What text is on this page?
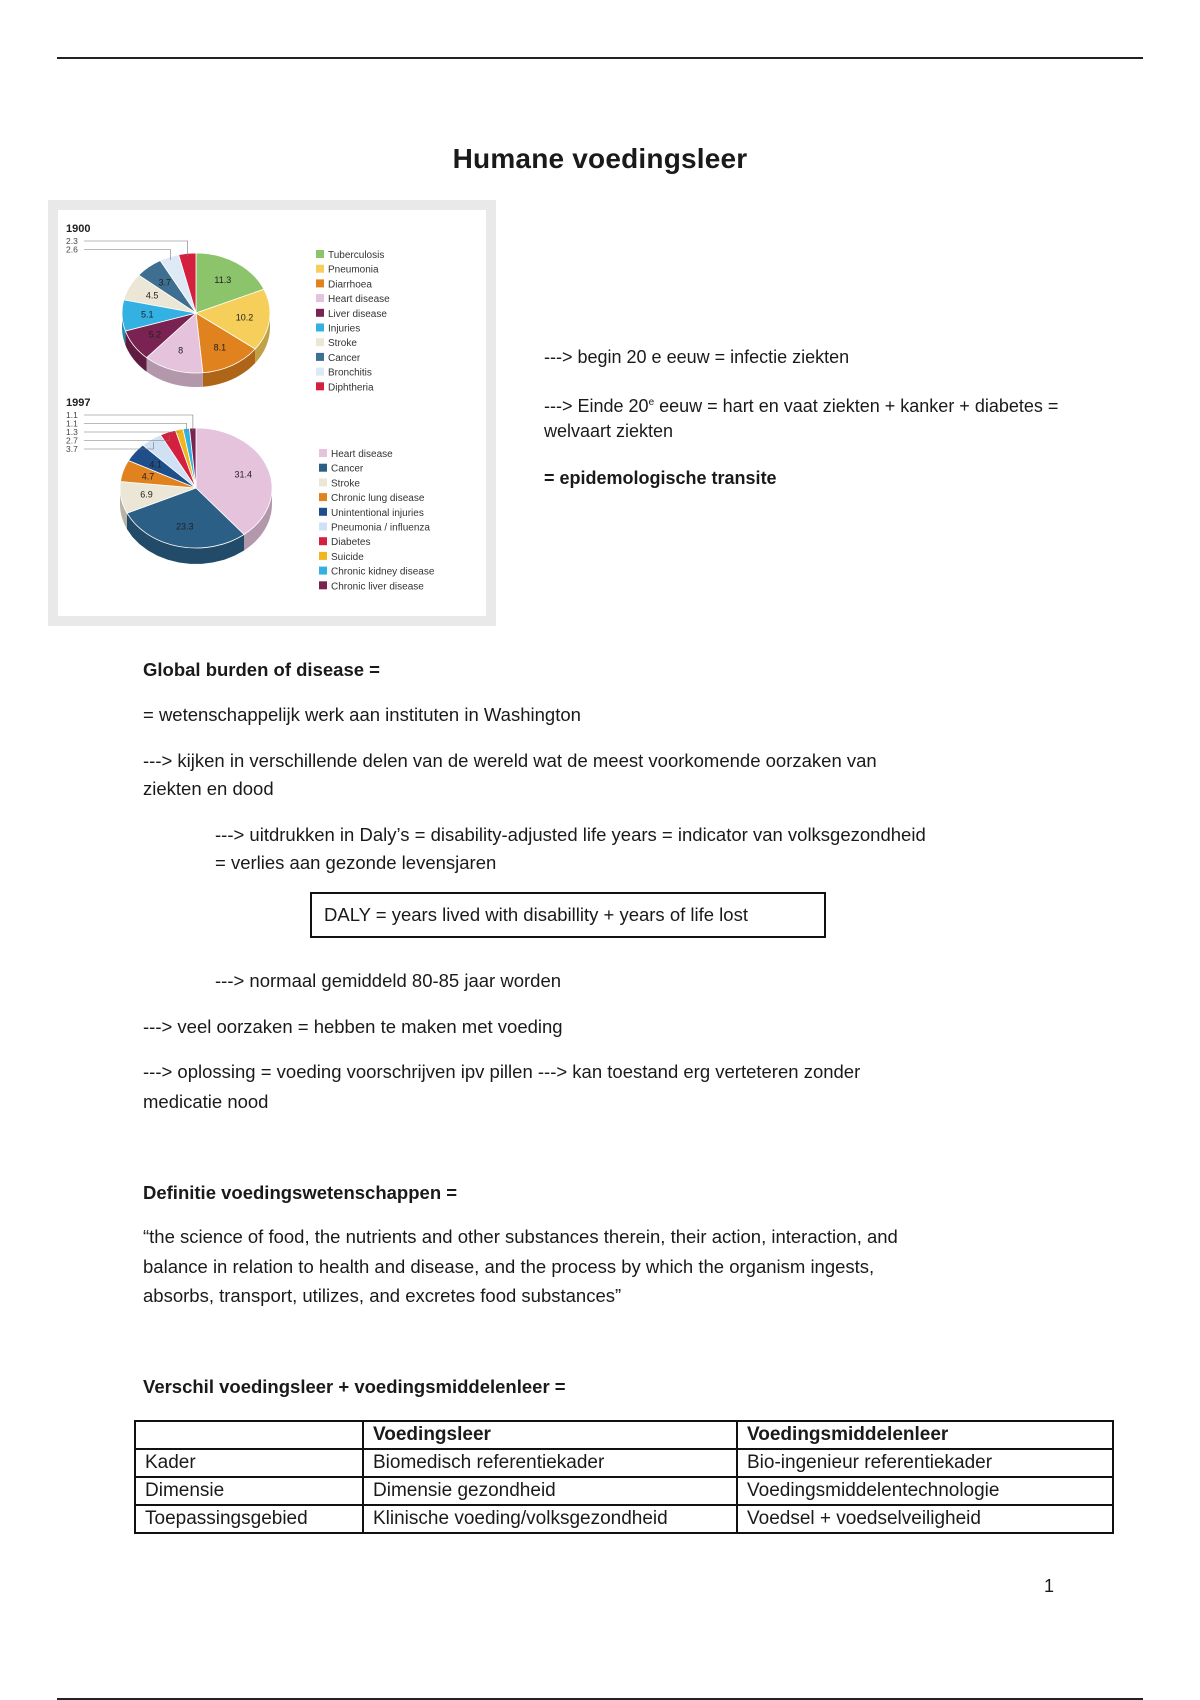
Humane voedingsleer
1900
11.3
10.2
8.1
8
5.2
5.1
4.5
3.7
2.3
2.6
Tuberculosis
Pneumonia
Diarrhoea
Heart disease
Liver disease
Injuries
Stroke
Cancer
Bronchitis
Diphtheria
1997
31.4
23.3
6.9
4.7
4.1
1.1
1.1
1.3
2.7
3.7	Heart disease
Cancer
Stroke
Chronic lung disease
Unintentional injuries
Pneumonia / influenza
Diabetes
Suicide
Chronic kidney disease
Chronic liver disease
---> begin 20 e eeuw = infectie ziekten
---> Einde 20e eeuw = hart en vaat ziekten + kanker + diabetes =
welvaart ziekten
= epidemologische transite
Global burden of disease =
= wetenschappelijk werk aan instituten in Washington
---> kijken in verschillende delen van de wereld wat de meest voorkomende oorzaken van
ziekten en dood
---> uitdrukken in Daly’s = disability-adjusted life years = indicator van volksgezondheid
= verlies aan gezonde levensjaren
DALY = years lived with disabillity + years of life lost
---> normaal gemiddeld 80-85 jaar worden
---> veel oorzaken = hebben te maken met voeding
---> oplossing = voeding voorschrijven ipv pillen ---> kan toestand erg verteteren zonder
medicatie nood
Definitie voedingswetenschappen =
“the science of food, the nutrients and other substances therein, their action, interaction, and
balance in relation to health and disease, and the process by which the organism ingests,
absorbs, transport, utilizes, and excretes food substances”
Verschil voedingsleer + voedingsmiddelenleer =
	Voedingsleer	Voedingsmiddelenleer
Kader	Biomedisch referentiekader	Bio-ingenieur referentiekader
Dimensie	Dimensie gezondheid	Voedingsmiddelentechnologie
Toepassingsgebied	Klinische voeding/volksgezondheid	Voedsel + voedselveiligheid
1
